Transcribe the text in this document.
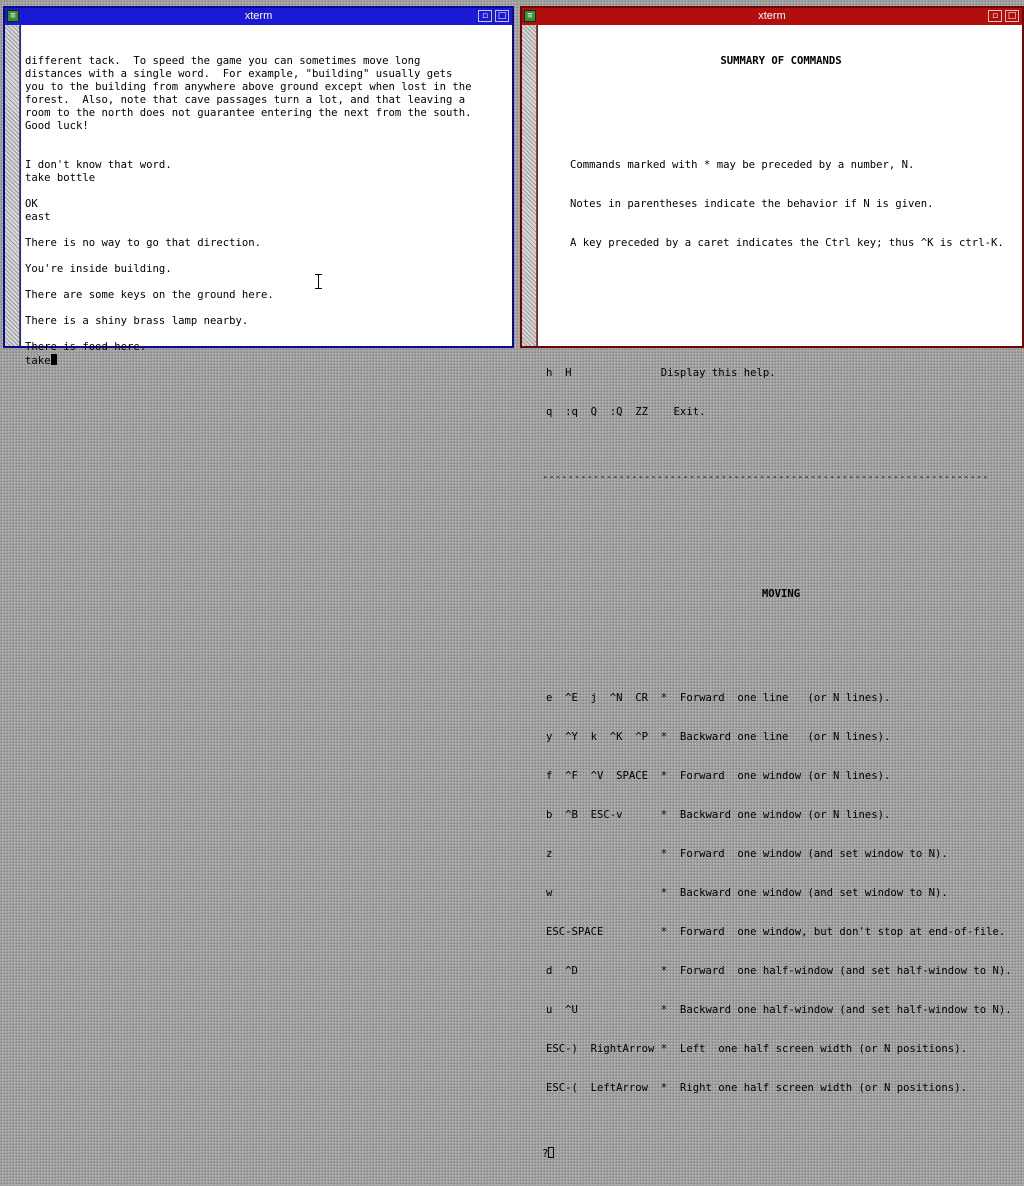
≡	xterm	▫	□

different tack.  To speed the game you can sometimes move long
distances with a single word.  For example, "building" usually gets
you to the building from anywhere above ground except when lost in the
forest.  Also, note that cave passages turn a lot, and that leaving a
room to the north does not guarantee entering the next from the south.
Good luck!
I don't know that word.
take bottle
OK
east
There is no way to go that direction.
You're inside building.
There are some keys on the ground here.
There is a shiny brass lamp nearby.
There is food here.
take

≡	xterm	▫	□

SUMMARY OF COMMANDS

Commands marked with * may be preceded by a number, N.

Notes in parentheses indicate the behavior if N is given.

A key preceded by a caret indicates the Ctrl key; thus ^K is ctrl-K.

h  H              Display this help.

q  :q  Q  :Q  ZZ    Exit.

----------------------------------------------------------------------

MOVING

e  ^E  j  ^N  CR  *  Forward  one line   (or N lines).

y  ^Y  k  ^K  ^P  *  Backward one line   (or N lines).

f  ^F  ^V  SPACE  *  Forward  one window (or N lines).

b  ^B  ESC-v      *  Backward one window (or N lines).

z                 *  Forward  one window (and set window to N).

w                 *  Backward one window (and set window to N).

ESC-SPACE         *  Forward  one window, but don't stop at end-of-file.

d  ^D             *  Forward  one half-window (and set half-window to N).

u  ^U             *  Backward one half-window (and set half-window to N).

ESC-)  RightArrow *  Left  one half screen width (or N positions).

ESC-(  LeftArrow  *  Right one half screen width (or N positions).

?
